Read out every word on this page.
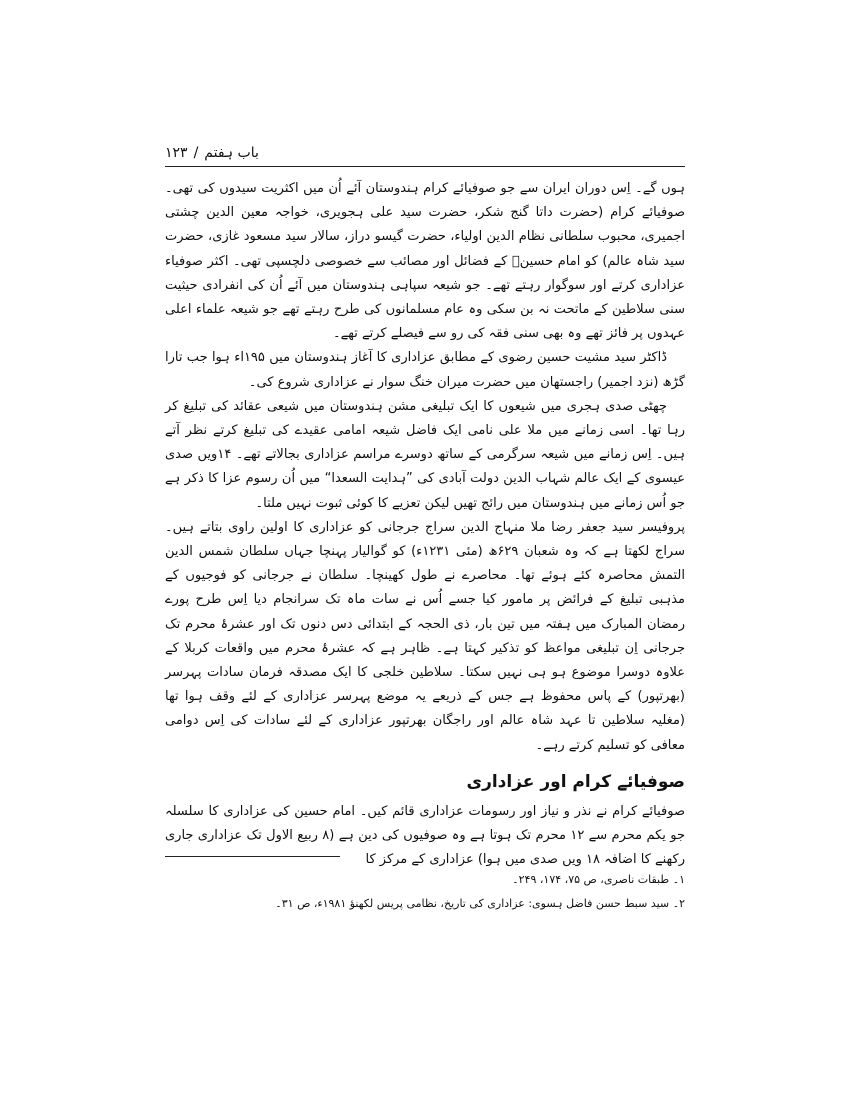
باب ہفتم
/
۱۲۳

ہوں گے۔ اِس دوران ایران سے جو صوفیائے کرام ہندوستان آئے اُن میں اکثریت سیدوں کی تھی۔ صوفیائے کرام (حضرت داتا گنج شکر، حضرت سید علی ہجویری، خواجہ معین الدین چشتی اجمیری، محبوب سلطانی نظام الدین اولیاء، حضرت گیسو دراز، سالار سید مسعود غازی، حضرت سید شاہ عالم) کو امام حسینؑ کے فضائل اور مصائب سے خصوصی دلچسپی تھی۔ اکثر صوفیاء عزاداری کرتے اور سوگوار رہتے تھے۔ جو شیعہ سپاہی ہندوستان میں آئے اُن کی انفرادی حیثیت سنی سلاطین کے ماتحت نہ بن سکی وہ عام مسلمانوں کی طرح رہتے تھے جو شیعہ علماء اعلی عہدوں پر فائز تھے وہ بھی سنی فقہ کی رو سے فیصلے کرتے تھے۔

ڈاکٹر سید مشیت حسین رضوی کے مطابق عزاداری کا آغاز ہندوستان میں ۱۹۵اء ہوا جب تارا گڑھ (نزد اجمیر) راجستھان میں حضرت میران خنگ سوار نے عزاداری شروع کی۔

چھٹی صدی ہجری میں شیعوں کا ایک تبلیغی مشن ہندوستان میں شیعی عقائد کی تبلیغ کر رہا تھا۔ اسی زمانے میں ملا علی نامی ایک فاضل شیعہ امامی عقیدے کی تبلیغ کرتے نظر آتے ہیں۔ اِس زمانے میں شیعہ سرگرمی کے ساتھ دوسرے مراسم عزاداری بجالاتے تھے۔ ۱۴ویں صدی عیسوی کے ایک عالم شہاب الدین دولت آبادی کی ”ہدایت السعدا“ میں اُن رسوم عزا کا ذکر ہے جو اُس زمانے میں ہندوستان میں رائج تھیں لیکن تعزیے کا کوئی ثبوت نہیں ملتا۔

پروفیسر سید جعفر رضا ملا منہاج الدین سراج جرجانی کو عزاداری کا اولین راوی بتاتے ہیں۔ سراج لکھتا ہے کہ وہ شعبان ۶۲۹ھ (مئی ۱۲۳۱ء) کو گوالیار پہنچا جہاں سلطان شمس الدین التمش محاصرہ کئے ہوئے تھا۔ محاصرے نے طول کھینچا۔ سلطان نے جرجانی کو فوجیوں کے مذہبی تبلیغ کے فرائض پر مامور کیا جسے اُس نے سات ماہ تک سرانجام دیا اِس طرح پورے رمضان المبارک میں ہفتہ میں تین بار، ذی الحجہ کے ابتدائی دس دنوں تک اور عشرۂ محرم تک جرجانی اِن تبلیغی مواعظ کو تذکیر کہتا ہے۔ ظاہر ہے کہ عشرۂ محرم میں واقعات کربلا کے علاوہ دوسرا موضوع ہو ہی نہیں سکتا۔ سلاطین خلجی کا ایک مصدقہ فرمان سادات پہرسر (بھرتپور) کے پاس محفوظ ہے جس کے ذریعے یہ موضع پہرسر عزاداری کے لئے وقف ہوا تھا (مغلیہ سلاطین تا عہد شاہ عالم اور راجگان بھرتپور عزاداری کے لئے سادات کی اِس دوامی معافی کو تسلیم کرتے رہے۔

صوفیائے کرام اور عزاداری

صوفیائے کرام نے نذر و نیاز اور رسومات عزاداری قائم کیں۔ امام حسین کی عزاداری کا سلسلہ جو یکم محرم سے ۱۲ محرم تک ہوتا ہے وہ صوفیوں کی دین ہے (۸ ربیع الاول تک عزاداری جاری رکھنے کا اضافہ ۱۸ ویں صدی میں ہوا) عزاداری کے مرکز کا

۱۔ طبقات ناصری، ص ۷۵، ۱۷۴، ۲۴۹۔

۲۔ سید سبط حسن فاضل ہسوی: عزاداری کی تاریخ، نظامی پریس لکھنؤ ۱۹۸۱ء، ص ۳۱۔
